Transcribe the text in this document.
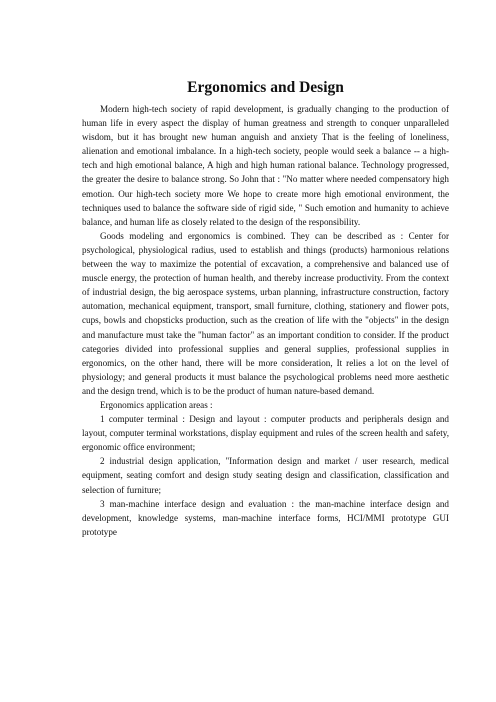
Ergonomics and Design

Modern high-tech society of rapid development, is gradually changing to the production of human life in every aspect the display of human greatness and strength to conquer unparalleled wisdom, but it has brought new human anguish and anxiety That is the feeling of loneliness, alienation and emotional imbalance. In a high-tech society, people would seek a balance -- a high-tech and high emotional balance, A high and high human rational balance. Technology progressed, the greater the desire to balance strong. So John that : "No matter where needed compensatory high emotion. Our high-tech society more We hope to create more high emotional environment, the techniques used to balance the software side of rigid side, " Such emotion and humanity to achieve balance, and human life as closely related to the design of the responsibility.

Goods modeling and ergonomics is combined. They can be described as : Center for psychological, physiological radius, used to establish and things (products) harmonious relations between the way to maximize the potential of excavation, a comprehensive and balanced use of muscle energy, the protection of human health, and thereby increase productivity. From the context of industrial design, the big aerospace systems, urban planning, infrastructure construction, factory automation, mechanical equipment, transport, small furniture, clothing, stationery and flower pots, cups, bowls and chopsticks production, such as the creation of life with the "objects" in the design and manufacture must take the "human factor" as an important condition to consider. If the product categories divided into professional supplies and general supplies, professional supplies in ergonomics, on the other hand, there will be more consideration, It relies a lot on the level of physiology; and general products it must balance the psychological problems need more aesthetic and the design trend, which is to be the product of human nature-based demand.

Ergonomics application areas :

1 computer terminal : Design and layout : computer products and peripherals design and layout, computer terminal workstations, display equipment and rules of the screen health and safety, ergonomic office environment;

2 industrial design application, "Information design and market / user research, medical equipment, seating comfort and design study seating design and classification, classification and selection of furniture;

3 man-machine interface design and evaluation : the man-machine interface design and development, knowledge systems, man-machine interface forms, HCI/MMI prototype GUI prototype
